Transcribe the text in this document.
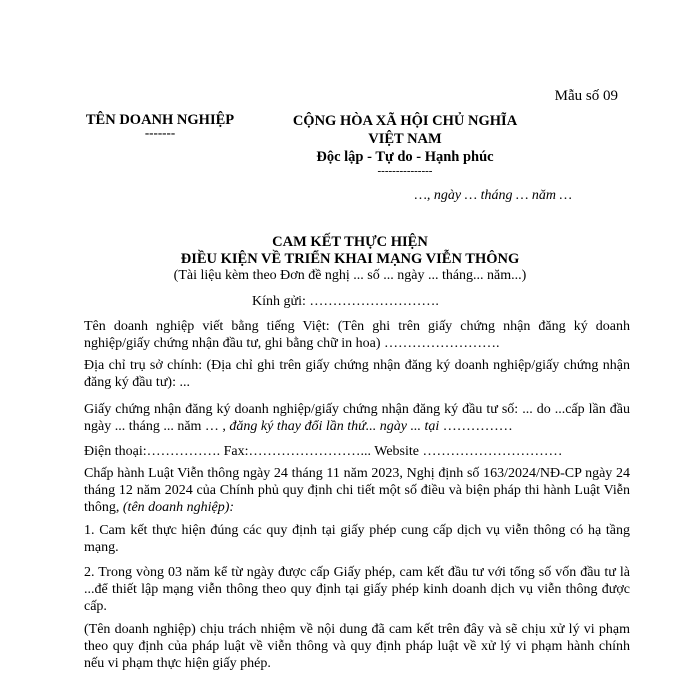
Mẫu số 09
TÊN DOANH NGHIỆP
-------
CỘNG HÒA XÃ HỘI CHỦ NGHĨA VIỆT NAM
Độc lập - Tự do - Hạnh phúc
---------------
…, ngày … tháng … năm …
CAM KẾT THỰC HIỆN
ĐIỀU KIỆN VỀ TRIỂN KHAI MẠNG VIỄN THÔNG
(Tài liệu kèm theo Đơn đề nghị ... số ... ngày ... tháng... năm...)
Kính gửi: ……………………….
Tên doanh nghiệp viết bằng tiếng Việt: (Tên ghi trên giấy chứng nhận đăng ký doanh nghiệp/giấy chứng nhận đầu tư, ghi bằng chữ in hoa) …………………….
Địa chỉ trụ sở chính: (Địa chỉ ghi trên giấy chứng nhận đăng ký doanh nghiệp/giấy chứng nhận đăng ký đầu tư): ...
Giấy chứng nhận đăng ký doanh nghiệp/giấy chứng nhận đăng ký đầu tư số: ... do ...cấp lần đầu ngày ... tháng ... năm … , đăng ký thay đổi lần thứ... ngày ... tại ……………
Điện thoại:……………. Fax:……………………... Website …………………………
Chấp hành Luật Viễn thông ngày 24 tháng 11 năm 2023, Nghị định số 163/2024/NĐ-CP ngày 24 tháng 12 năm 2024 của Chính phủ quy định chi tiết một số điều và biện pháp thi hành Luật Viễn thông, (tên doanh nghiệp):
1. Cam kết thực hiện đúng các quy định tại giấy phép cung cấp dịch vụ viễn thông có hạ tầng mạng.
2. Trong vòng 03 năm kể từ ngày được cấp Giấy phép, cam kết đầu tư với tổng số vốn đầu tư là ...để thiết lập mạng viễn thông theo quy định tại giấy phép kinh doanh dịch vụ viễn thông được cấp.
(Tên doanh nghiệp) chịu trách nhiệm về nội dung đã cam kết trên đây và sẽ chịu xử lý vi phạm theo quy định của pháp luật về viễn thông và quy định pháp luật về xử lý vi phạm hành chính nếu vi phạm thực hiện giấy phép.
